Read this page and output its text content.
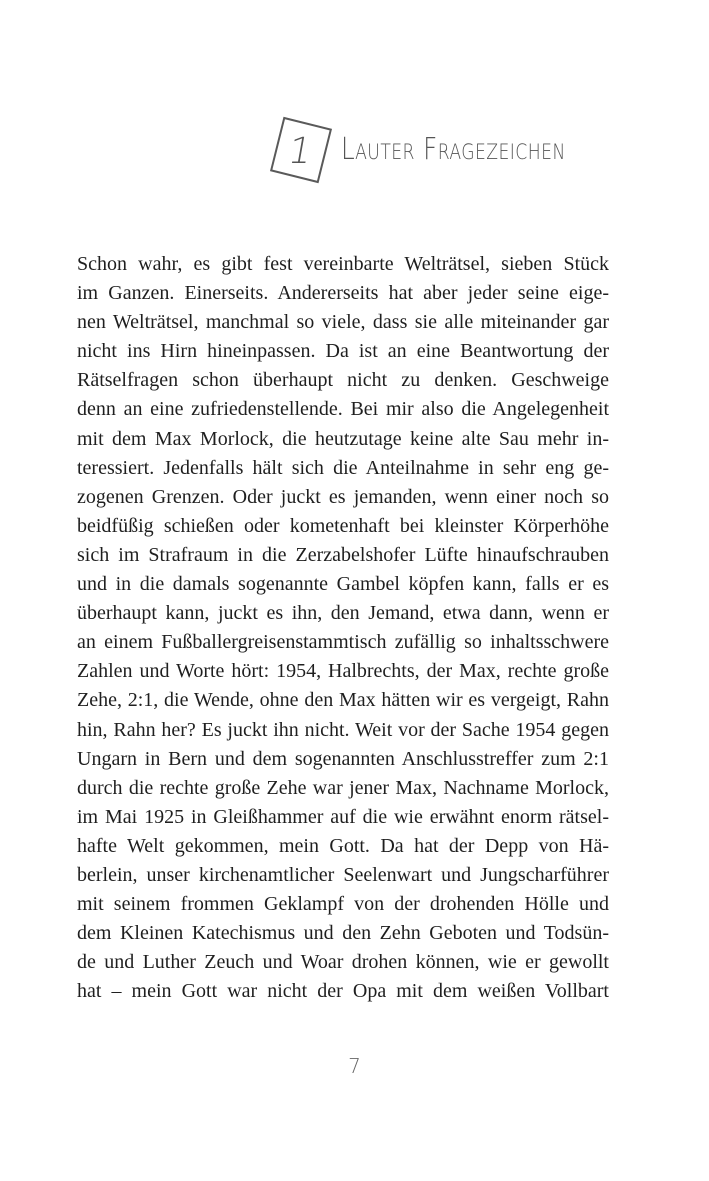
1 Lauter Fragezeichen
Schon wahr, es gibt fest vereinbarte Welträtsel, sieben Stück
im Ganzen. Einerseits. Andererseits hat aber jeder seine eige-
nen Welträtsel, manchmal so viele, dass sie alle miteinander gar
nicht ins Hirn hineinpassen. Da ist an eine Beantwortung der
Rätselfragen schon überhaupt nicht zu denken. Geschweige
denn an eine zufriedenstellende. Bei mir also die Angelegenheit
mit dem Max Morlock, die heutzutage keine alte Sau mehr in-
teressiert. Jedenfalls hält sich die Anteilnahme in sehr eng ge-
zogenen Grenzen. Oder juckt es jemanden, wenn einer noch so
beidfüßig schießen oder kometenhaft bei kleinster Körperhöhe
sich im Strafraum in die Zerzabelshofer Lüfte hinaufschrauben
und in die damals sogenannte Gambel köpfen kann, falls er es
überhaupt kann, juckt es ihn, den Jemand, etwa dann, wenn er
an einem Fußballergreisenstammtisch zufällig so inhaltsschwere
Zahlen und Worte hört: 1954, Halbrechts, der Max, rechte große
Zehe, 2:1, die Wende, ohne den Max hätten wir es vergeigt, Rahn
hin, Rahn her? Es juckt ihn nicht. Weit vor der Sache 1954 gegen
Ungarn in Bern und dem sogenannten Anschlusstreffer zum 2:1
durch die rechte große Zehe war jener Max, Nachname Morlock,
im Mai 1925 in Gleißhammer auf die wie erwähnt enorm rätsel-
hafte Welt gekommen, mein Gott. Da hat der Depp von Hä-
berlein, unser kirchenamtlicher Seelenwart und Jungscharführer
mit seinem frommen Geklampf von der drohenden Hölle und
dem Kleinen Katechismus und den Zehn Geboten und Todsün-
de und Luther Zeuch und Woar drohen können, wie er gewollt
hat – mein Gott war nicht der Opa mit dem weißen Vollbart
7
